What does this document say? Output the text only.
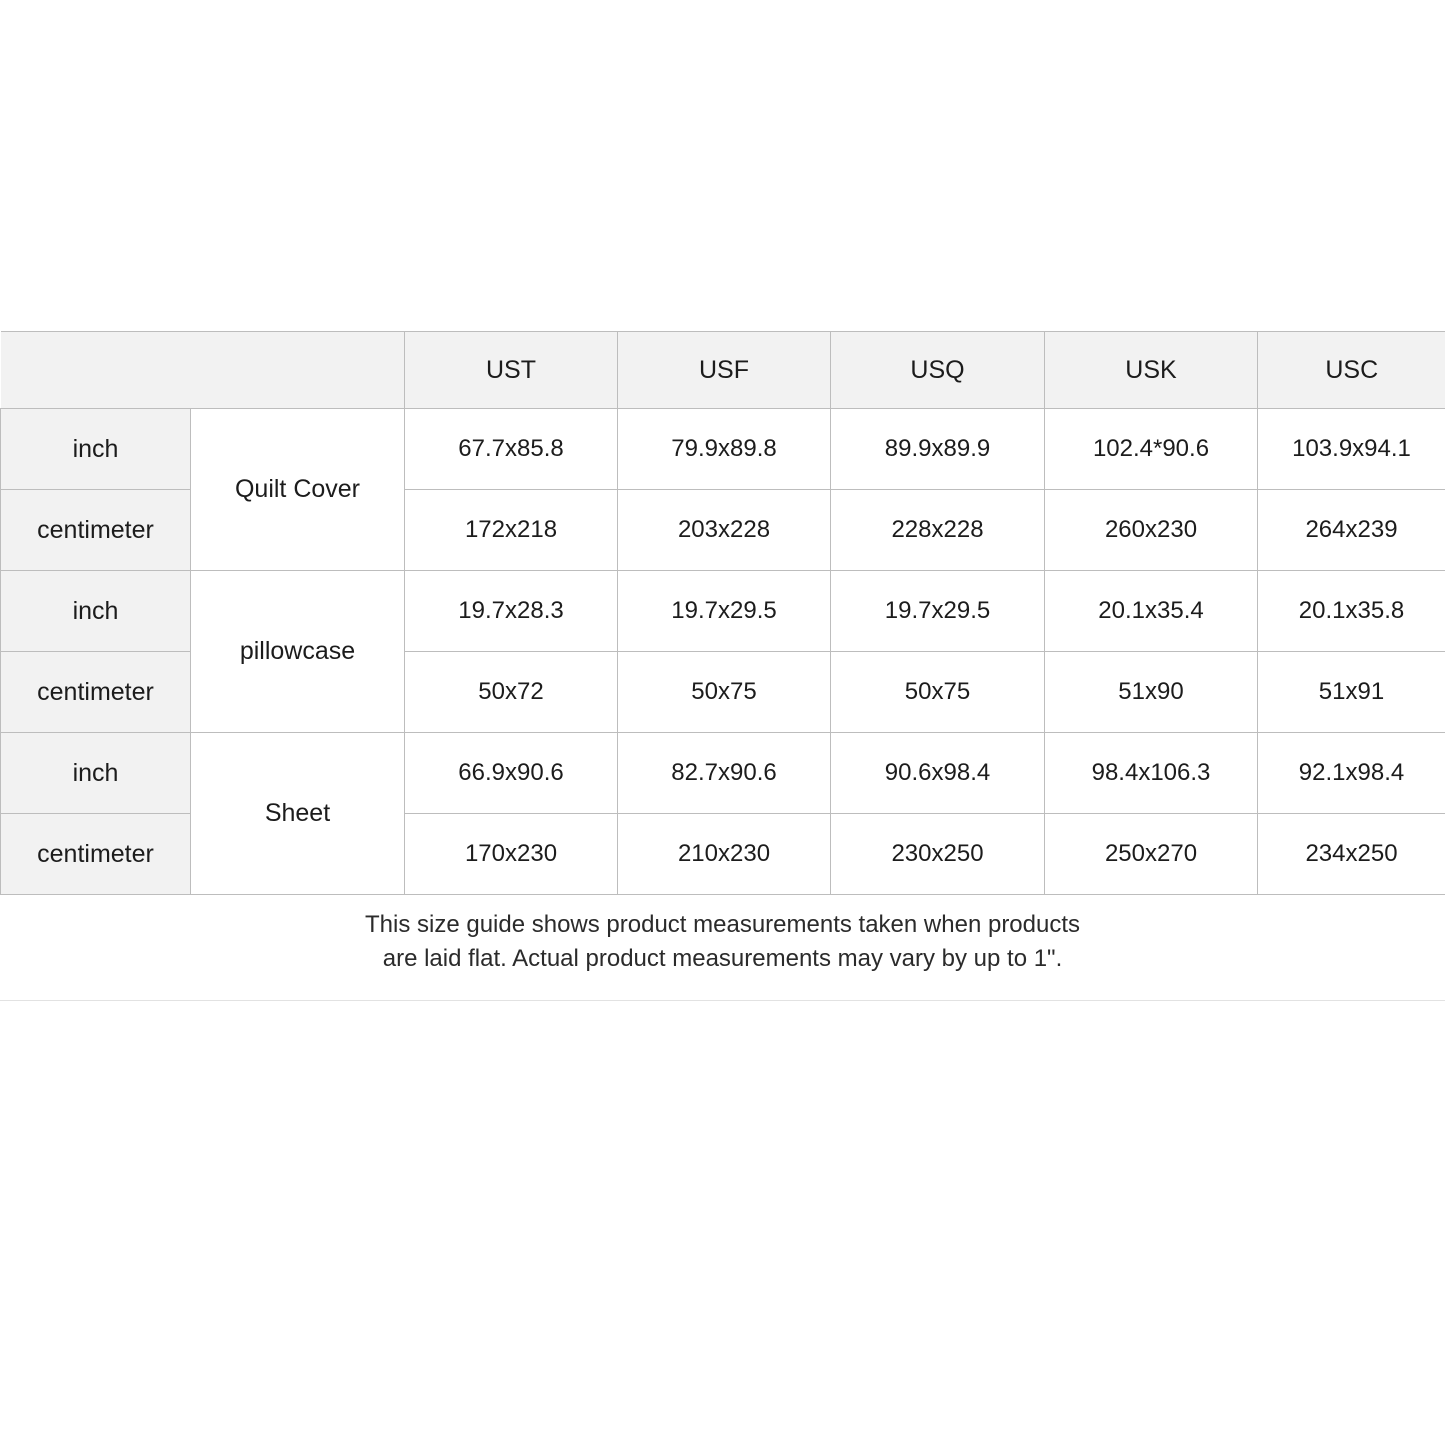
		UST	USF	USQ	USK	USC
inch	Quilt Cover	67.7x85.8	79.9x89.8	89.9x89.9	102.4*90.6	103.9x94.1
centimeter		172x218	203x228	228x228	260x230	264x239
inch	pillowcase	19.7x28.3	19.7x29.5	19.7x29.5	20.1x35.4	20.1x35.8
centimeter		50x72	50x75	50x75	51x90	51x91
inch	Sheet	66.9x90.6	82.7x90.6	90.6x98.4	98.4x106.3	92.1x98.4
centimeter		170x230	210x230	230x250	250x270	234x250
This size guide shows product measurements taken when products
are laid flat. Actual product measurements may vary by up to 1".
